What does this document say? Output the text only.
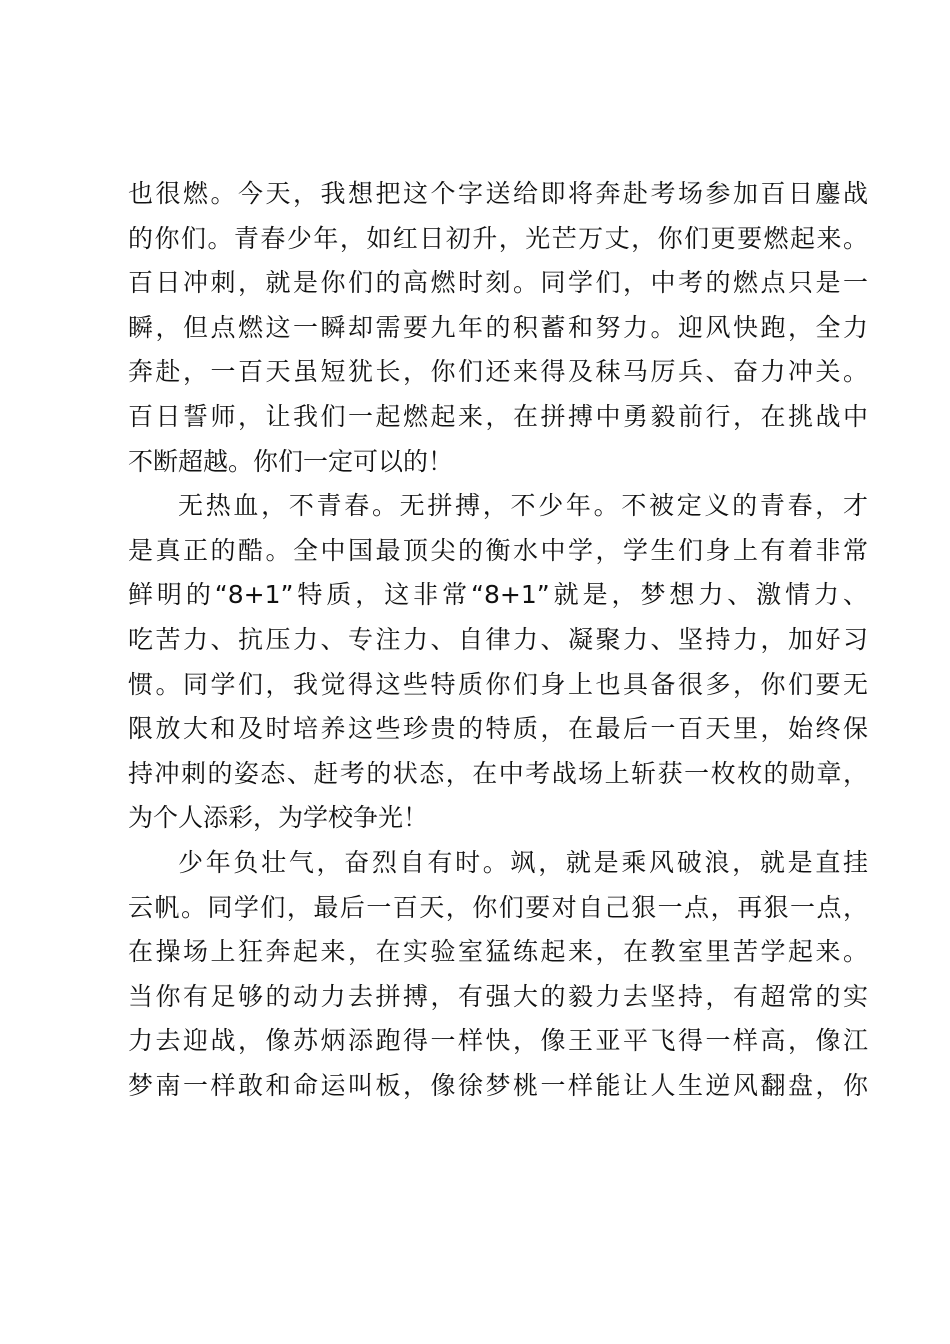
也很燃。今天，我想把这个字送给即将奔赴考场参加百日鏖战
的你们。青春少年，如红日初升，光芒万丈，你们更要燃起来。
百日冲刺，就是你们的高燃时刻。同学们，中考的燃点只是一
瞬，但点燃这一瞬却需要九年的积蓄和努力。迎风快跑，全力
奔赴，一百天虽短犹长，你们还来得及秣马厉兵、奋力冲关。
百日誓师，让我们一起燃起来，在拼搏中勇毅前行，在挑战中
不断超越。你们一定可以的！
无热血，不青春。无拼搏，不少年。不被定义的青春，才
是真正的酷。全中国最顶尖的衡水中学，学生们身上有着非常
鲜明的“8+1”特质，这非常“8+1”就是，梦想力、激情力、
吃苦力、抗压力、专注力、自律力、凝聚力、坚持力，加好习
惯。同学们，我觉得这些特质你们身上也具备很多，你们要无
限放大和及时培养这些珍贵的特质，在最后一百天里，始终保
持冲刺的姿态、赶考的状态，在中考战场上斩获一枚枚的勋章，
为个人添彩，为学校争光！
少年负壮气，奋烈自有时。飒，就是乘风破浪，就是直挂
云帆。同学们，最后一百天，你们要对自己狠一点，再狠一点，
在操场上狂奔起来，在实验室猛练起来，在教室里苦学起来。
当你有足够的动力去拼搏，有强大的毅力去坚持，有超常的实
力去迎战，像苏炳添跑得一样快，像王亚平飞得一样高，像江
梦南一样敢和命运叫板，像徐梦桃一样能让人生逆风翻盘，你
